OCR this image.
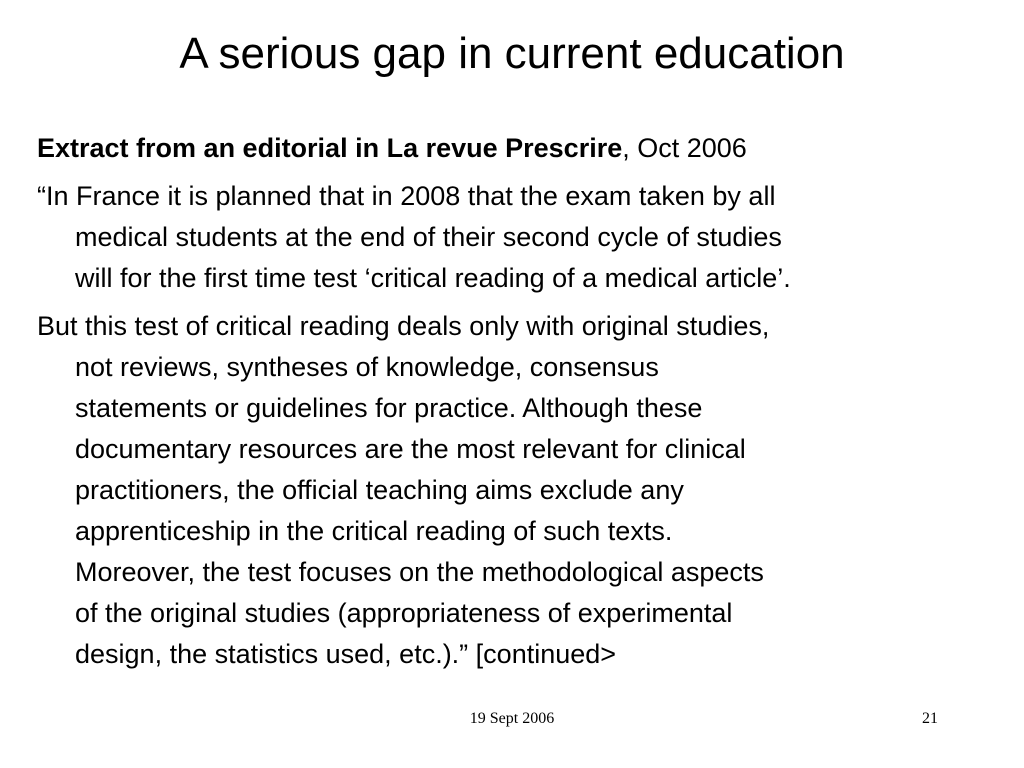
A serious gap in current education

Extract from an editorial in La revue Prescrire, Oct 2006

“In France it is planned that in 2008 that the exam taken by all
medical students at the end of their second cycle of studies
will for the first time test ‘critical reading of a medical article’.

But this test of critical reading deals only with original studies,
not reviews, syntheses of knowledge, consensus
statements or guidelines for practice. Although these
documentary resources are the most relevant for clinical
practitioners, the official teaching aims exclude any
apprenticeship in the critical reading of such texts.
Moreover, the test focuses on the methodological aspects
of the original studies (appropriateness of experimental
design, the statistics used, etc.).” [continued>

19 Sept 2006	21
